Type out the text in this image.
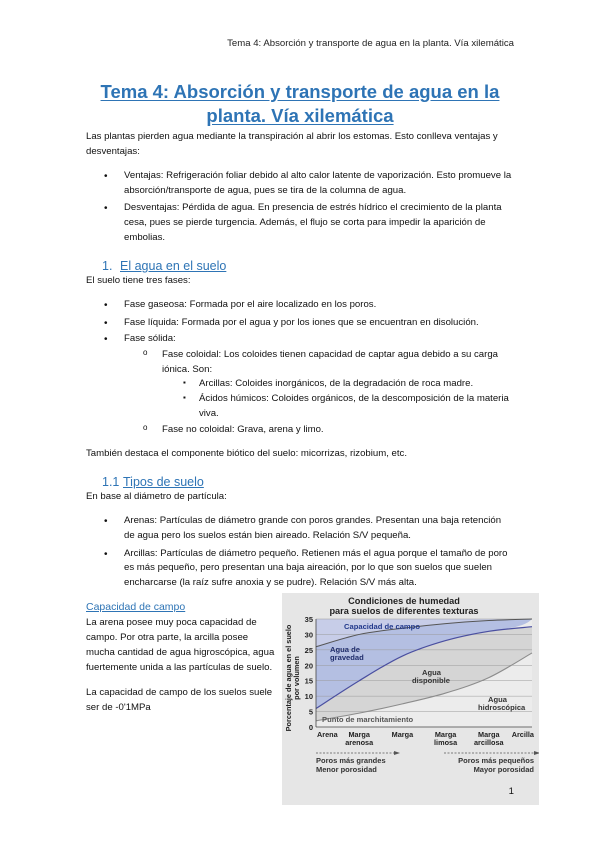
Tema 4: Absorción y transporte de agua en la planta. Vía xilemática
Tema 4: Absorción y transporte de agua en la planta. Vía xilemática

Las plantas pierden agua mediante la transpiración al abrir los estomas. Esto conlleva ventajas y desventajas:

• Ventajas: Refrigeración foliar debido al alto calor latente de vaporización. Esto promueve la absorción/transporte de agua, pues se tira de la columna de agua.
• Desventajas: Pérdida de agua. En presencia de estrés hídrico el crecimiento de la planta cesa, pues se pierde turgencia. Además, el flujo se corta para impedir la aparición de embolias.
1. El agua en el suelo

El suelo tiene tres fases:

• Fase gaseosa: Formada por el aire localizado en los poros.
• Fase líquida: Formada por el agua y por los iones que se encuentran en disolución.
• Fase sólida:
o Fase coloidal: Los coloides tienen capacidad de captar agua debido a su carga iónica. Son:
▪ Arcillas: Coloides inorgánicos, de la degradación de roca madre.
▪ Ácidos húmicos: Coloides orgánicos, de la descomposición de la materia viva.
o Fase no coloidal: Grava, arena y limo.

También destaca el componente biótico del suelo: micorrizas, rizobium, etc.

1.1 Tipos de suelo

En base al diámetro de partícula:

• Arenas: Partículas de diámetro grande con poros grandes. Presentan una baja retención de agua pero los suelos están bien aireado. Relación S/V pequeña.
• Arcillas: Partículas de diámetro pequeño. Retienen más el agua porque el tamaño de poro es más pequeño, pero presentan una baja aireación, por lo que son suelos que suelen encharcarse (la raíz sufre anoxia y se pudre). Relación S/V más alta.
Capacidad de campo

La arena posee muy poca capacidad de campo. Por otra parte, la arcilla posee mucha cantidad de agua higroscópica, agua fuertemente unida a las partículas de suelo.

La capacidad de campo de los suelos suele ser de -0'1MPa

Condiciones de humedad
para suelos de diferentes texturas
Porcentaje de agua en el suelo por volumen
Capacidad de campo
Agua de
gravedad
Agua
disponible
Agua
hidroscópica
Punto de marchitamiento
0
5
10
15
20
25
30
35
Arena Marga
arenosa
Marga	Marga
limosa
Marga
arcillosa
Arcilla
Poros más grandes
Menor porosidad
Poros más pequeños
Mayor porosidad
1
